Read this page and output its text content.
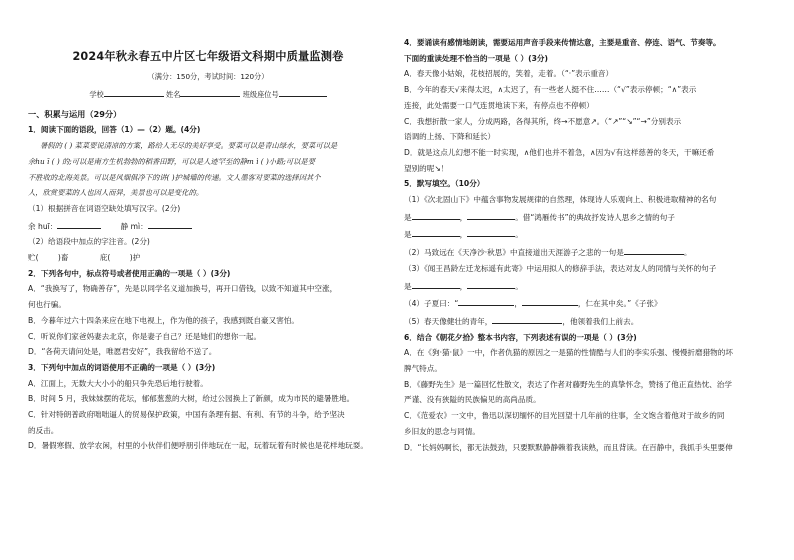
2024年秋永春五中片区七年级语文科期中质量监测卷
（满分：150分，考试时间：120分）
学校	姓名	班级座位号
一、积累与运用（29分）
1．阅读下面的语段，回答（1）—（2）题。(4分)
暑假的 ( ) 菜菜要说清凉的方案，路给人无尽的美好享受。要菜可以是青山绿水，要菜可以是
余hu ī ( ) 的;可以是南方生机勃勃的稻香田野，可以是人迹罕至的静m ì ( )小路;可以是要
不胜收的北海美景。可以是风烟俱净下的讲( )护城墙的传递。文人墨客对要菜的选择因其个
人，欣赏要菜的人也因人而异，美景也可以是变化的。
（1）根据拼音在词语空缺处填写汉字。(2分)
余 huī：	静 mì：
（2）给语段中加点的字注音。(2分)
贮(	)畜	庇(	)护
2．下列各句中，标点符号或者使用正确的一项是（ ）(3分)
A．“我换写了，物确善存”，先是以同学名义道加换号，再开口借钱，以致不知道其中空涨，
何也行骗。
B．今暮年过六十四条来应在地下电视上，作为他的孩子，我感到既自豪又害怕。
C．听说你们家爸妈妻去北京，你是妻子自己？还是她们的想你一起。
D．“各荷天请问处是，唯愿君安好”，我我留给不送了。
3．下列句中加点的词语使用不正确的一项是（ ）(3分)
A．江面上，无数大大小小的船只争先恐后地行驶着。
B．时间 5 月，我妹妹摆的花坛，郁郁葱葱的大树，给过公园换上了新颜，成为市民的避暑胜地。
C．针对特朗普政府咄咄逼人的贸易保护政策，中国有条理有据、有利、有节的斗争，给予坚决
的反击。
D．暑假寒假、放学农闲，村里的小伙伴们便呼朋引伴地玩在一起，玩着玩着有时候也是花样地玩耍。
4．要诵读有感情地朗读，需要运用声音手段来传情达意，主要是重音、停连、语气、节奏等。
下面的重读处理不恰当的一项是（ ）(3分)
A．春天像小姑娘，花枝招展的，笑着，走着。（“·”表示重音）
B．今年的春天√来得太迟，∧太迟了，有一些老人挺不住……（“√”表示停顿；“∧”表示
连接，此处需要一口气连贯地读下来，有停点也不停顿）
C．我想折散一家人，分成两路，各得其所，终→不愿意↗。（“↗”“↘”“→”分别表示
语调的上扬、下降和延长）
D．就是这点儿幻想不能一时实现，∧他们也并不着急，∧因为√有这样慈善的冬天，干嘛还希
望别的呢↘！
5．默写填空。（10分）
（1）《次北固山下》中蕴含事物发展规律的自然理，体现诗人乐观向上、积极进取精神的名句
是	，	。借“鸿雁传书”的典故抒发诗人思乡之情的句子
是	，	。
（2）马致远在《天净沙·秋思》中直接道出天涯游子之悲的一句是	。
（3）《闻王昌龄左迁龙标遥有此寄》中运用拟人的修辞手法，表达对友人的同情与关怀的句子
是	，	。
（4）子夏曰：“	，	，仁在其中矣。”《子张》
（5）春天像健壮的青年，	，他领着我们上前去。
6．结合《朝花夕拾》整本书内容，下列表述有误的一项是（ ）(3分)
A．在《狗·猫·鼠》一中，作者仇猫的原因之一是猫的性情酷与人们的李实乐强、慢慢折磨猎物的坏
脾气特点。
B．《藤野先生》是一篇回忆性散文，表达了作者对藤野先生的真挚怀念，赞扬了他正直热忱、治学
严谨、没有狭隘的民族偏见的高尚品质。
C．《范爱农》一文中，鲁迅以深切缅怀的目光回望十几年前的往事，全文饱含着他对于故乡的同
乡旧友的思念与同情。
D．“长妈妈啊长，都无法鼓劲，只要默默静静赖着我读熟，而且背读。在百静中，我抓手头里要伸
